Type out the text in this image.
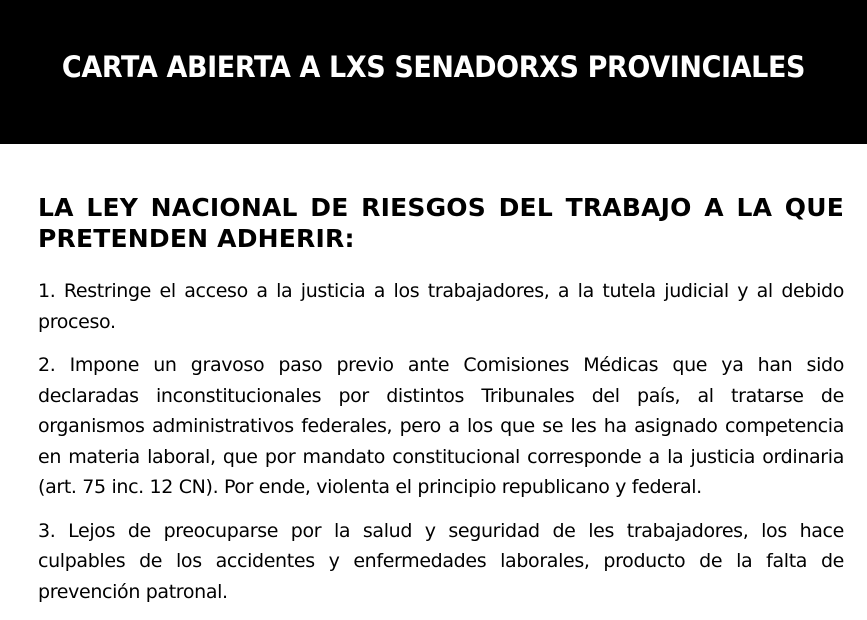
CARTA ABIERTA A LXS SENADORXS PROVINCIALES
LA LEY NACIONAL DE RIESGOS DEL TRABAJO A LA QUE PRETENDEN ADHERIR:

1. Restringe el acceso a la justicia a los trabajadores, a la tutela judicial y al debido proceso.

2. Impone un gravoso paso previo ante Comisiones Médicas que ya han sido declaradas inconstitucionales por distintos Tribunales del país, al tratarse de organismos administrativos federales, pero a los que se les ha asignado competencia en materia laboral, que por mandato constitucional corresponde a la justicia ordinaria (art. 75 inc. 12 CN). Por ende, violenta el principio republicano y federal.

3. Lejos de preocuparse por la salud y seguridad de les trabajadores, los hace culpables de los accidentes y enfermedades laborales, producto de la falta de prevención patronal.
